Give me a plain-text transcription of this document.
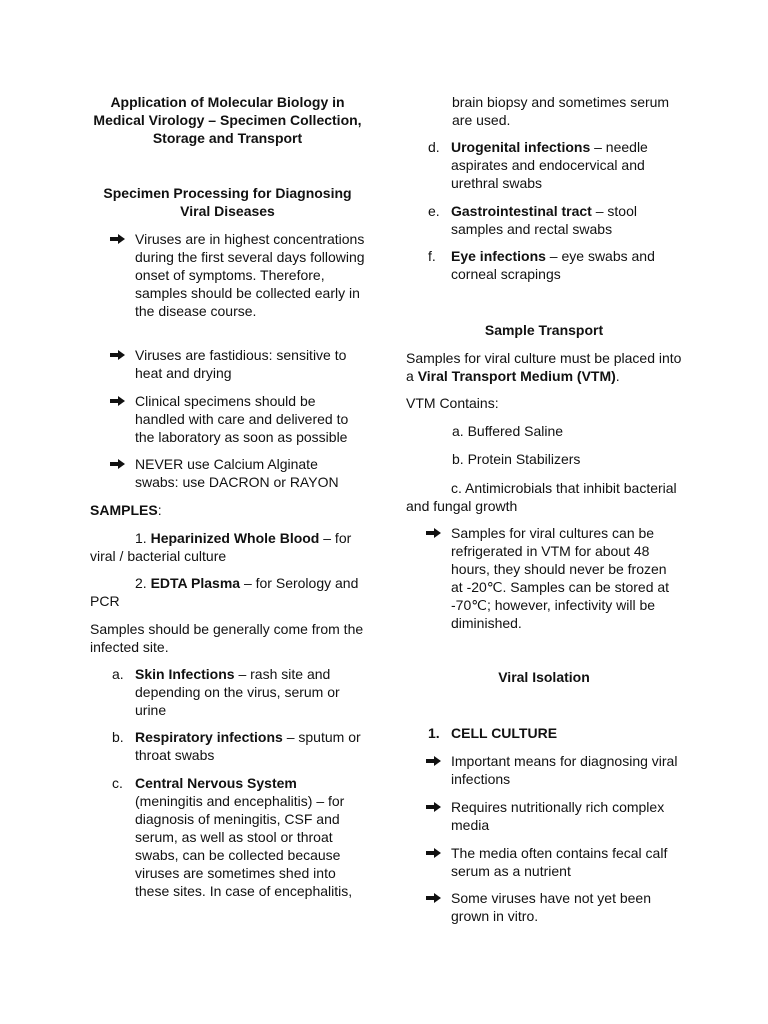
Application of Molecular Biology in Medical Virology – Specimen Collection, Storage and Transport

Specimen Processing for Diagnosing Viral Diseases

Viruses are in highest concentrations during the first several days following onset of symptoms. Therefore, samples should be collected early in the disease course.
Viruses are fastidious: sensitive to heat and drying
Clinical specimens should be handled with care and delivered to the laboratory as soon as possible
NEVER use Calcium Alginate swabs: use DACRON or RAYON

SAMPLES:

1. Heparinized Whole Blood – for viral / bacterial culture

2. EDTA Plasma – for Serology and PCR

Samples should be generally come from the infected site.

a. Skin Infections – rash site and depending on the virus, serum or urine
b. Respiratory infections – sputum or throat swabs
c. Central Nervous System (meningitis and encephalitis) – for diagnosis of meningitis, CSF and serum, as well as stool or throat swabs, can be collected because viruses are sometimes shed into these sites. In case of encephalitis,

brain biopsy and sometimes serum are used.

d. Urogenital infections – needle aspirates and endocervical and urethral swabs
e. Gastrointestinal tract – stool samples and rectal swabs
f. Eye infections – eye swabs and corneal scrapings

Sample Transport

Samples for viral culture must be placed into a Viral Transport Medium (VTM).

VTM Contains:

a. Buffered Saline

b. Protein Stabilizers

c. Antimicrobials that inhibit bacterial and fungal growth

Samples for viral cultures can be refrigerated in VTM for about 48 hours, they should never be frozen at -20℃. Samples can be stored at -70℃; however, infectivity will be diminished.

Viral Isolation

1. CELL CULTURE

Important means for diagnosing viral infections
Requires nutritionally rich complex media
The media often contains fecal calf serum as a nutrient
Some viruses have not yet been grown in vitro.
